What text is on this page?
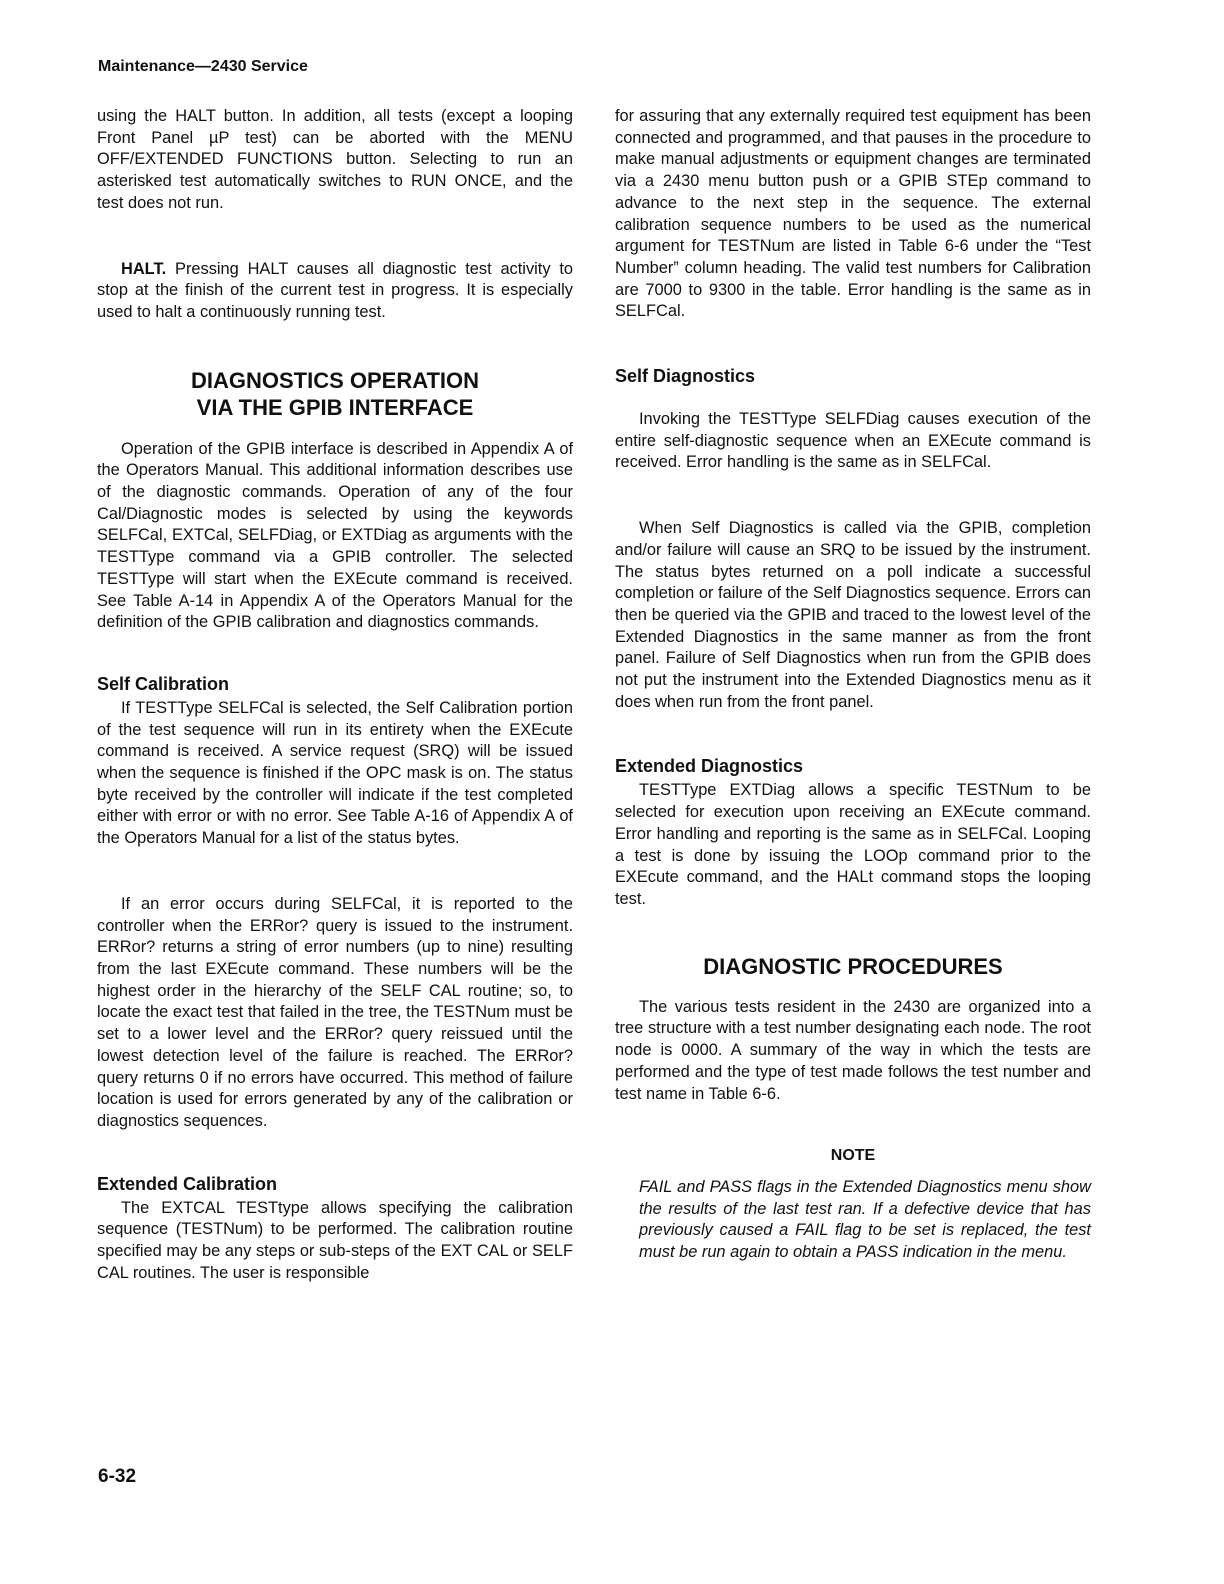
Maintenance—2430 Service

using the HALT button. In addition, all tests (except a looping Front Panel µP test) can be aborted with the MENU OFF/EXTENDED FUNCTIONS button. Selecting to run an asterisked test automatically switches to RUN ONCE, and the test does not run.

HALT. Pressing HALT causes all diagnostic test activity to stop at the finish of the current test in progress. It is especially used to halt a continuously running test.

DIAGNOSTICS OPERATION
VIA THE GPIB INTERFACE

Operation of the GPIB interface is described in Appendix A of the Operators Manual. This additional information describes use of the diagnostic commands. Operation of any of the four Cal/Diagnostic modes is selected by using the keywords SELFCal, EXTCal, SELFDiag, or EXTDiag as arguments with the TESTType command via a GPIB controller. The selected TESTType will start when the EXEcute command is received. See Table A-14 in Appendix A of the Operators Manual for the definition of the GPIB calibration and diagnostics commands.

Self Calibration

If TESTType SELFCal is selected, the Self Calibration portion of the test sequence will run in its entirety when the EXEcute command is received. A service request (SRQ) will be issued when the sequence is finished if the OPC mask is on. The status byte received by the controller will indicate if the test completed either with error or with no error. See Table A-16 of Appendix A of the Operators Manual for a list of the status bytes.

If an error occurs during SELFCal, it is reported to the controller when the ERRor? query is issued to the instrument. ERRor? returns a string of error numbers (up to nine) resulting from the last EXEcute command. These numbers will be the highest order in the hierarchy of the SELF CAL routine; so, to locate the exact test that failed in the tree, the TESTNum must be set to a lower level and the ERRor? query reissued until the lowest detection level of the failure is reached. The ERRor? query returns 0 if no errors have occurred. This method of failure location is used for errors generated by any of the calibration or diagnostics sequences.

Extended Calibration

The EXTCAL TESTtype allows specifying the calibration sequence (TESTNum) to be performed. The calibration routine specified may be any steps or sub-steps of the EXT CAL or SELF CAL routines. The user is responsible

for assuring that any externally required test equipment has been connected and programmed, and that pauses in the procedure to make manual adjustments or equipment changes are terminated via a 2430 menu button push or a GPIB STEp command to advance to the next step in the sequence. The external calibration sequence numbers to be used as the numerical argument for TESTNum are listed in Table 6-6 under the “Test Number” column heading. The valid test numbers for Calibration are 7000 to 9300 in the table. Error handling is the same as in SELFCal.

Self Diagnostics

Invoking the TESTType SELFDiag causes execution of the entire self-diagnostic sequence when an EXEcute command is received. Error handling is the same as in SELFCal.

When Self Diagnostics is called via the GPIB, completion and/or failure will cause an SRQ to be issued by the instrument. The status bytes returned on a poll indicate a successful completion or failure of the Self Diagnostics sequence. Errors can then be queried via the GPIB and traced to the lowest level of the Extended Diagnostics in the same manner as from the front panel. Failure of Self Diagnostics when run from the GPIB does not put the instrument into the Extended Diagnostics menu as it does when run from the front panel.

Extended Diagnostics

TESTType EXTDiag allows a specific TESTNum to be selected for execution upon receiving an EXEcute command. Error handling and reporting is the same as in SELFCal. Looping a test is done by issuing the LOOp command prior to the EXEcute command, and the HALt command stops the looping test.

DIAGNOSTIC PROCEDURES

The various tests resident in the 2430 are organized into a tree structure with a test number designating each node. The root node is 0000. A summary of the way in which the tests are performed and the type of test made follows the test number and test name in Table 6-6.

NOTE

FAIL and PASS flags in the Extended Diagnostics menu show the results of the last test ran. If a defective device that has previously caused a FAIL flag to be set is replaced, the test must be run again to obtain a PASS indication in the menu.

6-32
